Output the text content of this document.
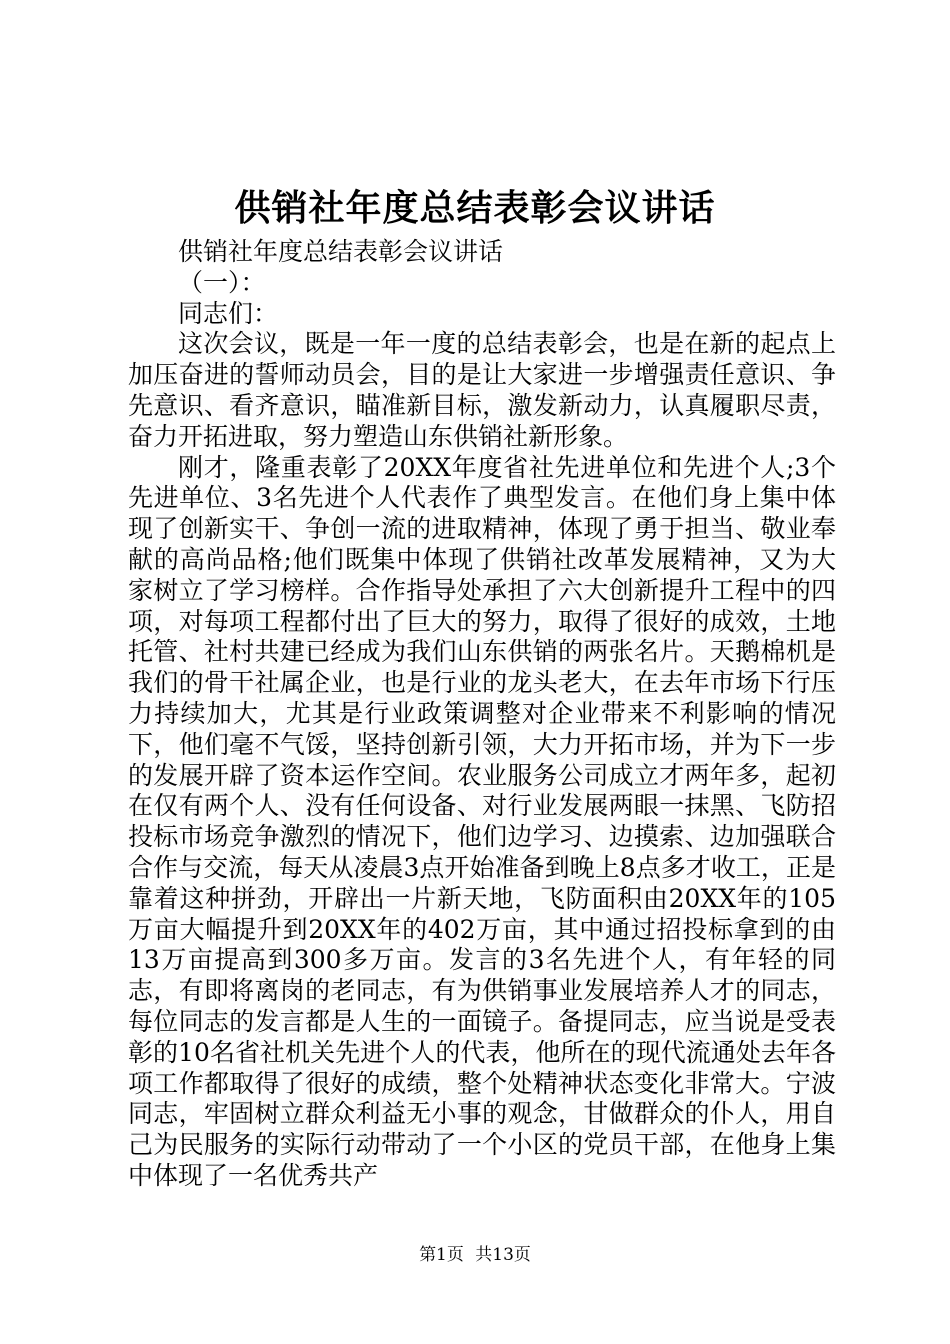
供销社年度总结表彰会议讲话

供销社年度总结表彰会议讲话

（一）：

同志们：

这次会议，既是一年一度的总结表彰会，也是在新的起点上加压奋进的誓师动员会，目的是让大家进一步增强责任意识、争先意识、看齐意识，瞄准新目标，激发新动力，认真履职尽责，奋力开拓进取，努力塑造山东供销社新形象。

刚才，隆重表彰了20XX年度省社先进单位和先进个人;3个先进单位、3名先进个人代表作了典型发言。在他们身上集中体现了创新实干、争创一流的进取精神，体现了勇于担当、敬业奉献的高尚品格;他们既集中体现了供销社改革发展精神，又为大家树立了学习榜样。合作指导处承担了六大创新提升工程中的四项，对每项工程都付出了巨大的努力，取得了很好的成效，土地托管、社村共建已经成为我们山东供销的两张名片。天鹅棉机是我们的骨干社属企业，也是行业的龙头老大，在去年市场下行压力持续加大，尤其是行业政策调整对企业带来不利影响的情况下，他们毫不气馁，坚持创新引领，大力开拓市场，并为下一步的发展开辟了资本运作空间。农业服务公司成立才两年多，起初在仅有两个人、没有任何设备、对行业发展两眼一抹黑、飞防招投标市场竞争激烈的情况下，他们边学习、边摸索、边加强联合合作与交流，每天从凌晨3点开始准备到晚上8点多才收工，正是靠着这种拼劲，开辟出一片新天地，飞防面积由20XX年的105万亩大幅提升到20XX年的402万亩，其中通过招投标拿到的由13万亩提高到300多万亩。发言的3名先进个人，有年轻的同志，有即将离岗的老同志，有为供销事业发展培养人才的同志，每位同志的发言都是人生的一面镜子。备提同志，应当说是受表彰的10名省社机关先进个人的代表，他所在的现代流通处去年各项工作都取得了很好的成绩，整个处精神状态变化非常大。宁波同志，牢固树立群众利益无小事的观念，甘做群众的仆人，用自己为民服务的实际行动带动了一个小区的党员干部，在他身上集中体现了一名优秀共产

第1页 共13页
